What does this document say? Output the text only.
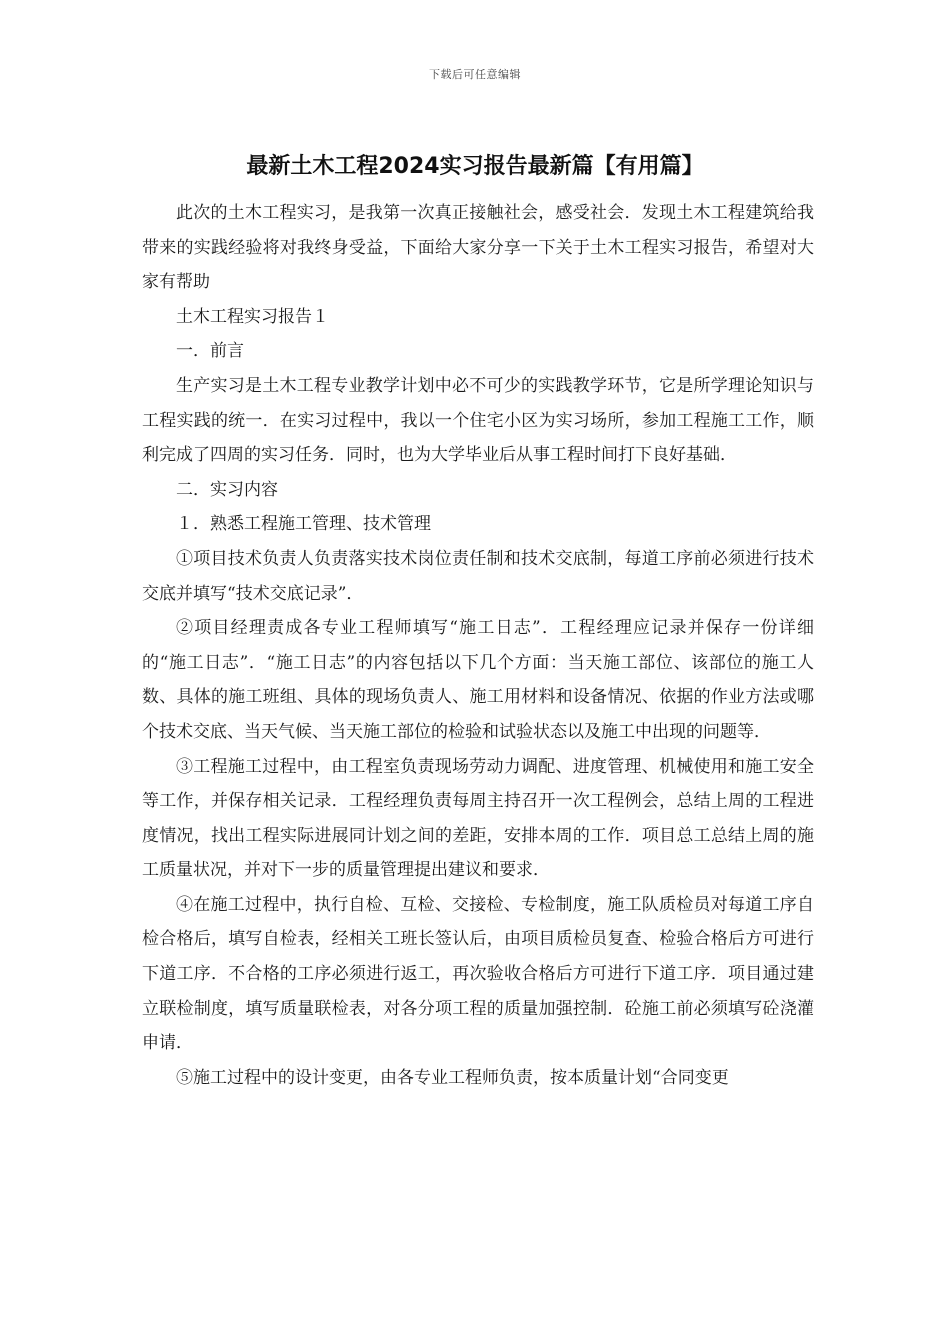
下载后可任意编辑
最新土木工程2024实习报告最新篇【有用篇】

此次的土木工程实习，是我第一次真正接触社会，感受社会．发现土木工程建筑给我带来的实践经验将对我终身受益，下面给大家分享一下关于土木工程实习报告，希望对大家有帮助

土木工程实习报告１

一．前言

生产实习是土木工程专业教学计划中必不可少的实践教学环节，它是所学理论知识与工程实践的统一．在实习过程中，我以一个住宅小区为实习场所，参加工程施工工作，顺利完成了四周的实习任务．同时，也为大学毕业后从事工程时间打下良好基础．

二．实习内容

１．熟悉工程施工管理、技术管理

①项目技术负责人负责落实技术岗位责任制和技术交底制，每道工序前必须进行技术交底并填写“技术交底记录”．

②项目经理责成各专业工程师填写“施工日志”．工程经理应记录并保存一份详细的“施工日志”．“施工日志”的内容包括以下几个方面：当天施工部位、该部位的施工人数、具体的施工班组、具体的现场负责人、施工用材料和设备情况、依据的作业方法或哪个技术交底、当天气候、当天施工部位的检验和试验状态以及施工中出现的问题等．

③工程施工过程中，由工程室负责现场劳动力调配、进度管理、机械使用和施工安全等工作，并保存相关记录．工程经理负责每周主持召开一次工程例会，总结上周的工程进度情况，找出工程实际进展同计划之间的差距，安排本周的工作．项目总工总结上周的施工质量状况，并对下一步的质量管理提出建议和要求．

④在施工过程中，执行自检、互检、交接检、专检制度，施工队质检员对每道工序自检合格后，填写自检表，经相关工班长签认后，由项目质检员复查、检验合格后方可进行下道工序．不合格的工序必须进行返工，再次验收合格后方可进行下道工序．项目通过建立联检制度，填写质量联检表，对各分项工程的质量加强控制．砼施工前必须填写砼浇灌申请．

⑤施工过程中的设计变更，由各专业工程师负责，按本质量计划“合同变更
